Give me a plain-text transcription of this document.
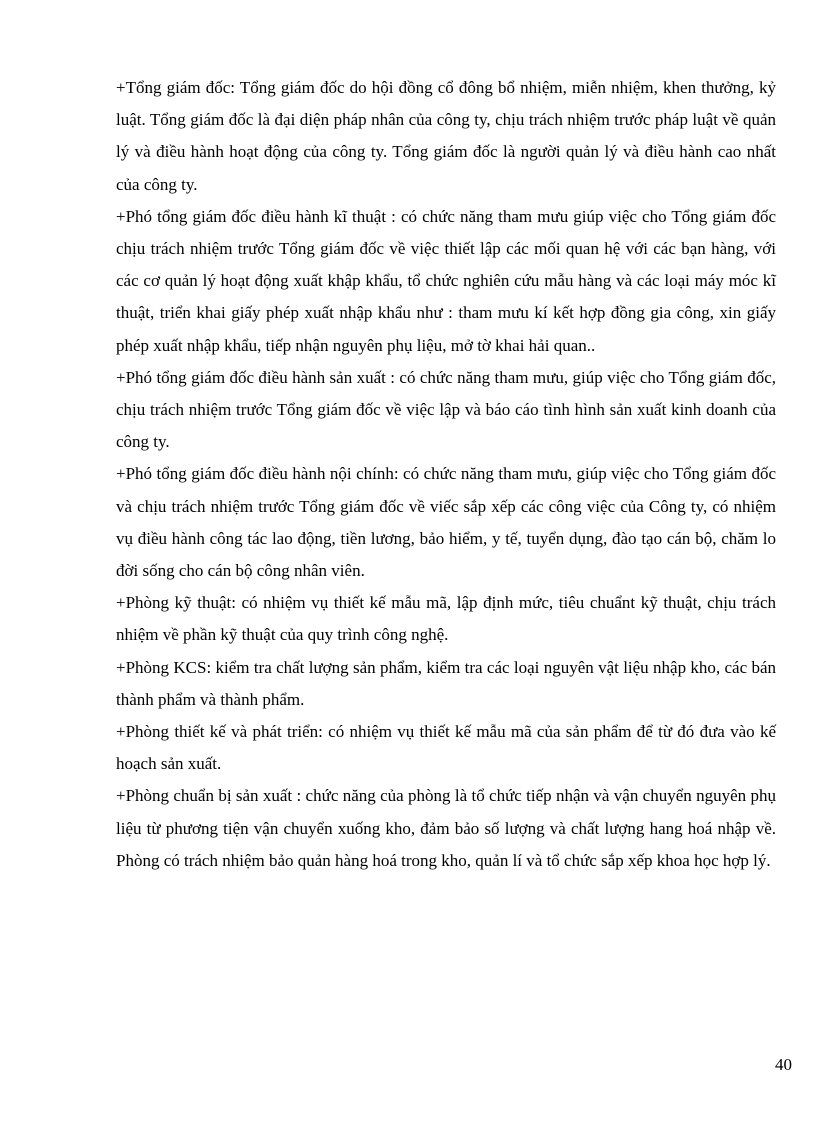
+Tổng giám đốc: Tổng giám đốc do hội đồng cổ đông bổ nhiệm, miễn nhiệm, khen thưởng, kỷ luật. Tổng giám đốc là đại diện pháp nhân của công ty, chịu trách nhiệm trước pháp luật về quản lý và điều hành hoạt động của công ty. Tổng giám đốc là người quản lý và điều hành cao nhất của công ty.

+Phó tổng giám đốc điều hành kĩ thuật : có chức năng tham mưu giúp việc cho Tổng giám đốc chịu trách nhiệm trước Tổng giám đốc về việc thiết lập các mối quan hệ với các bạn hàng, với các cơ quản lý hoạt động xuất khập khẩu, tổ chức nghiên cứu mẫu hàng và các loại máy móc kĩ thuật, triển khai giấy phép xuất nhập khẩu như : tham mưu kí kết hợp đồng gia công, xin giấy phép xuất nhập khẩu, tiếp nhận nguyên phụ liệu, mở tờ khai hải quan..

+Phó tổng giám đốc điều hành sản xuất : có chức năng tham mưu, giúp việc cho Tổng giám đốc, chịu trách nhiệm trước Tổng giám đốc về việc lập và báo cáo tình hình sản xuất kinh doanh của công ty.

+Phó tổng giám đốc điều hành nội chính: có chức năng tham mưu, giúp việc cho Tổng giám đốc và chịu trách nhiệm trước Tổng giám đốc về viếc sắp xếp các công việc của Công ty, có nhiệm vụ điều hành công tác lao động, tiền lương, bảo hiểm, y tế, tuyển dụng, đào tạo cán bộ, chăm lo đời sống cho cán bộ công nhân viên.

+Phòng kỹ thuật: có nhiệm vụ thiết kế mẫu mã, lập định mức, tiêu chuẩnt kỹ thuật, chịu trách nhiệm về phần kỹ thuật của quy trình công nghệ.

+Phòng KCS: kiểm tra chất lượng sản phẩm, kiểm tra các loại nguyên vật liệu nhập kho, các bán thành phẩm và thành phẩm.

+Phòng thiết kế và phát triển: có nhiệm vụ thiết kế mẫu mã của sản phẩm để từ đó đưa vào kế hoạch sản xuất.

+Phòng chuẩn bị sản xuất : chức năng của phòng là tổ chức tiếp nhận và vận chuyển nguyên phụ liệu từ phương tiện vận chuyển xuống kho, đảm bảo số lượng và chất lượng hang hoá nhập về. Phòng có trách nhiệm bảo quản hàng hoá trong kho, quản lí và tổ chức sắp xếp khoa học hợp lý.

40
